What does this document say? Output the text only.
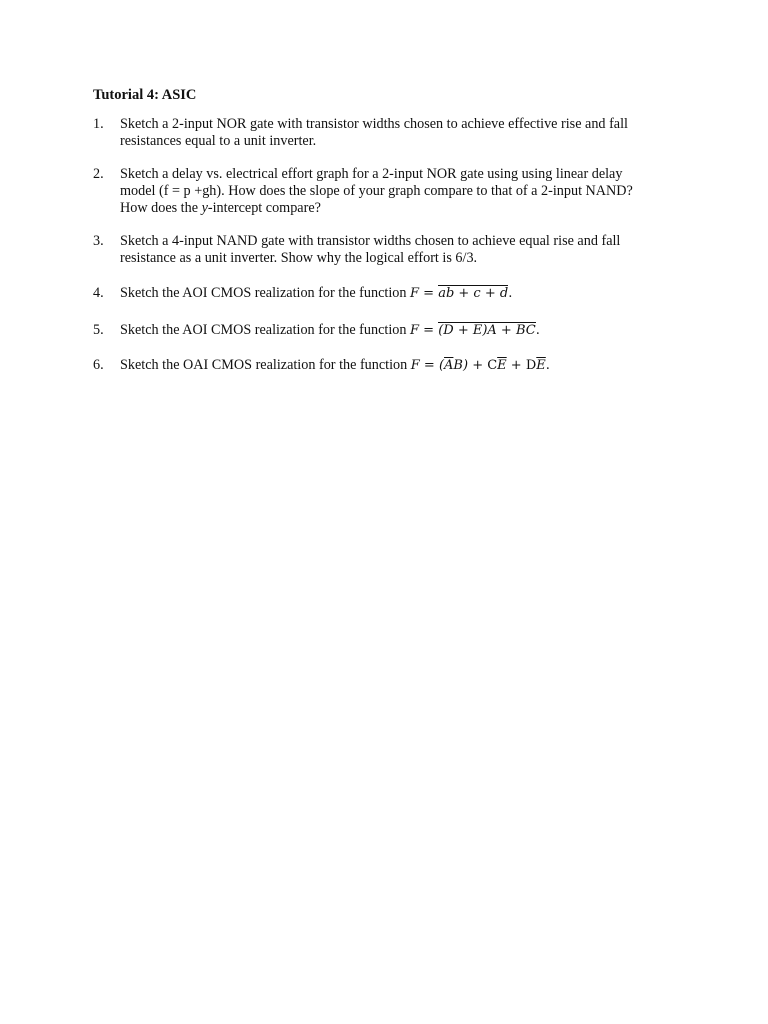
Tutorial 4: ASIC
1.	Sketch a 2-input NOR gate with transistor widths chosen to achieve effective rise and fall
resistances equal to a unit inverter.
2.	Sketch a delay vs. electrical effort graph for a 2-input NOR gate using using linear delay
model (f = p +gh). How does the slope of your graph compare to that of a 2-input NAND?
How does the y-intercept compare?
3.	Sketch a 4-input NAND gate with transistor widths chosen to achieve equal rise and fall
resistance as a unit inverter. Show why the logical effort is 6/3.
4.	Sketch the AOI CMOS realization for the function F = ab + c + d.
5.	Sketch the AOI CMOS realization for the function F = (D + E)A + BC.
6.	Sketch the OAI CMOS realization for the function $F = (\overline{A}B) + C\overline{E} + D\overline{E}$.
